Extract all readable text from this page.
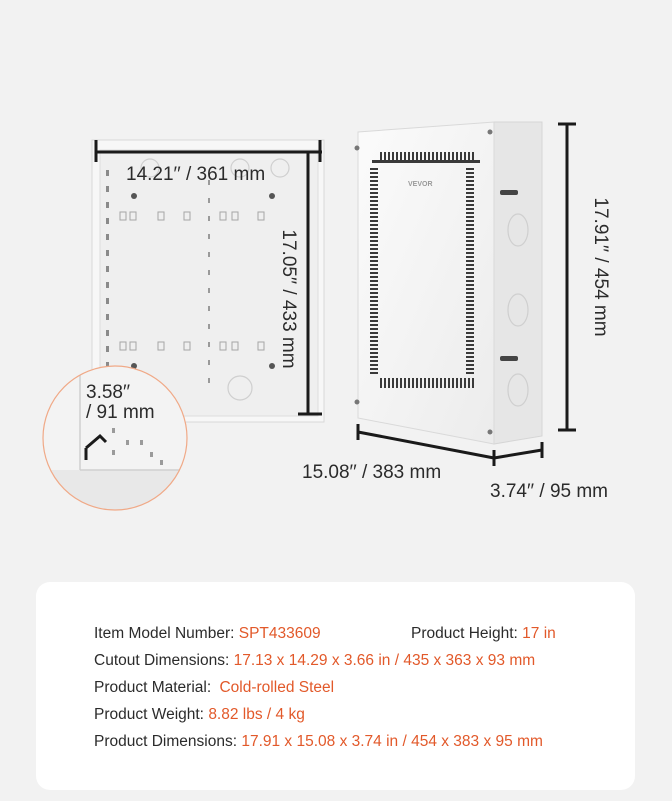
VEVOR
14.21′′ / 361 mm
17.05′′ / 433 mm
3.58′′
/ 91 mm
17.91′′ / 454 mm
15.08′′ / 383 mm
3.74′′ / 95 mm
Item Model Number: SPT433609	Product Height: 17 in
Cutout Dimensions: 17.13 x 14.29 x 3.66 in / 435 x 363 x 93 mm
Product Material: Cold-rolled Steel
Product Weight: 8.82 lbs / 4 kg
Product Dimensions: 17.91 x 15.08 x 3.74 in / 454 x 383 x 95 mm
